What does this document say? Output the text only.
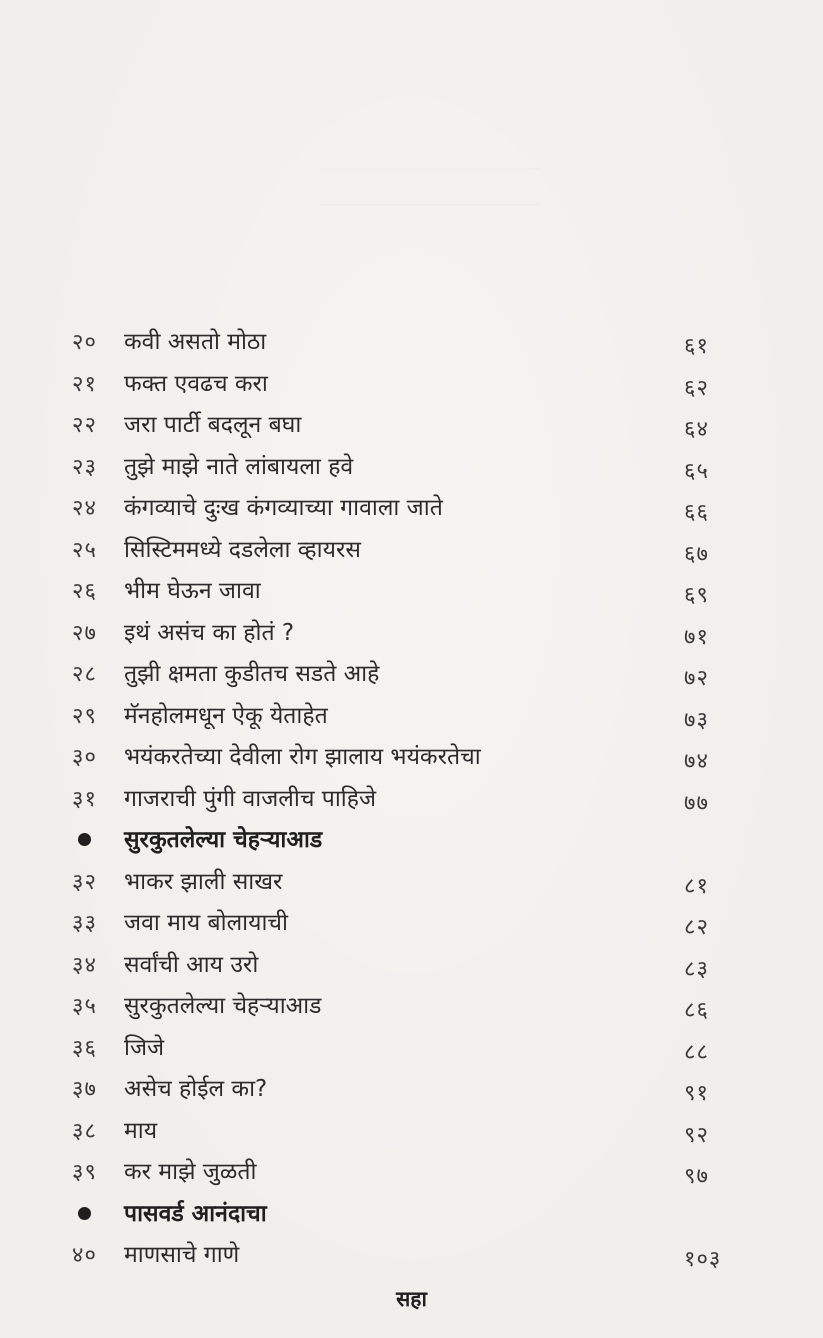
२०	कवी असतो मोठा	६१
२१	फक्त एवढच करा	६२
२२	जरा पार्टी बदलून बघा	६४
२३	तुझे माझे नाते लांबायला हवे	६५
२४	कंगव्याचे दुःख कंगव्याच्या गावाला जाते	६६
२५	सिस्टिममध्ये दडलेला व्हायरस	६७
२६	भीम घेऊन जावा	६९
२७	इथं असंच का होतं ?	७१
२८	तुझी क्षमता कुडीतच सडते आहे	७२
२९	मॅनहोलमधून ऐकू येताहेत	७३
३०	भयंकरतेच्या देवीला रोग झालाय भयंकरतेचा	७४
३१	गाजराची पुंगी वाजलीच पाहिजे	७७
सुरकुतलेल्या चेहऱ्याआड
३२	भाकर झाली साखर	८१
३३	जवा माय बोलायाची	८२
३४	सर्वांची आय उरो	८३
३५	सुरकुतलेल्या चेहऱ्याआड	८६
३६	जिजे	८८
३७	असेच होईल का?	९१
३८	माय	९२
३९	कर माझे जुळती	९७
पासवर्ड आनंदाचा
४०	माणसाचे गाणे	१०३
सहा
